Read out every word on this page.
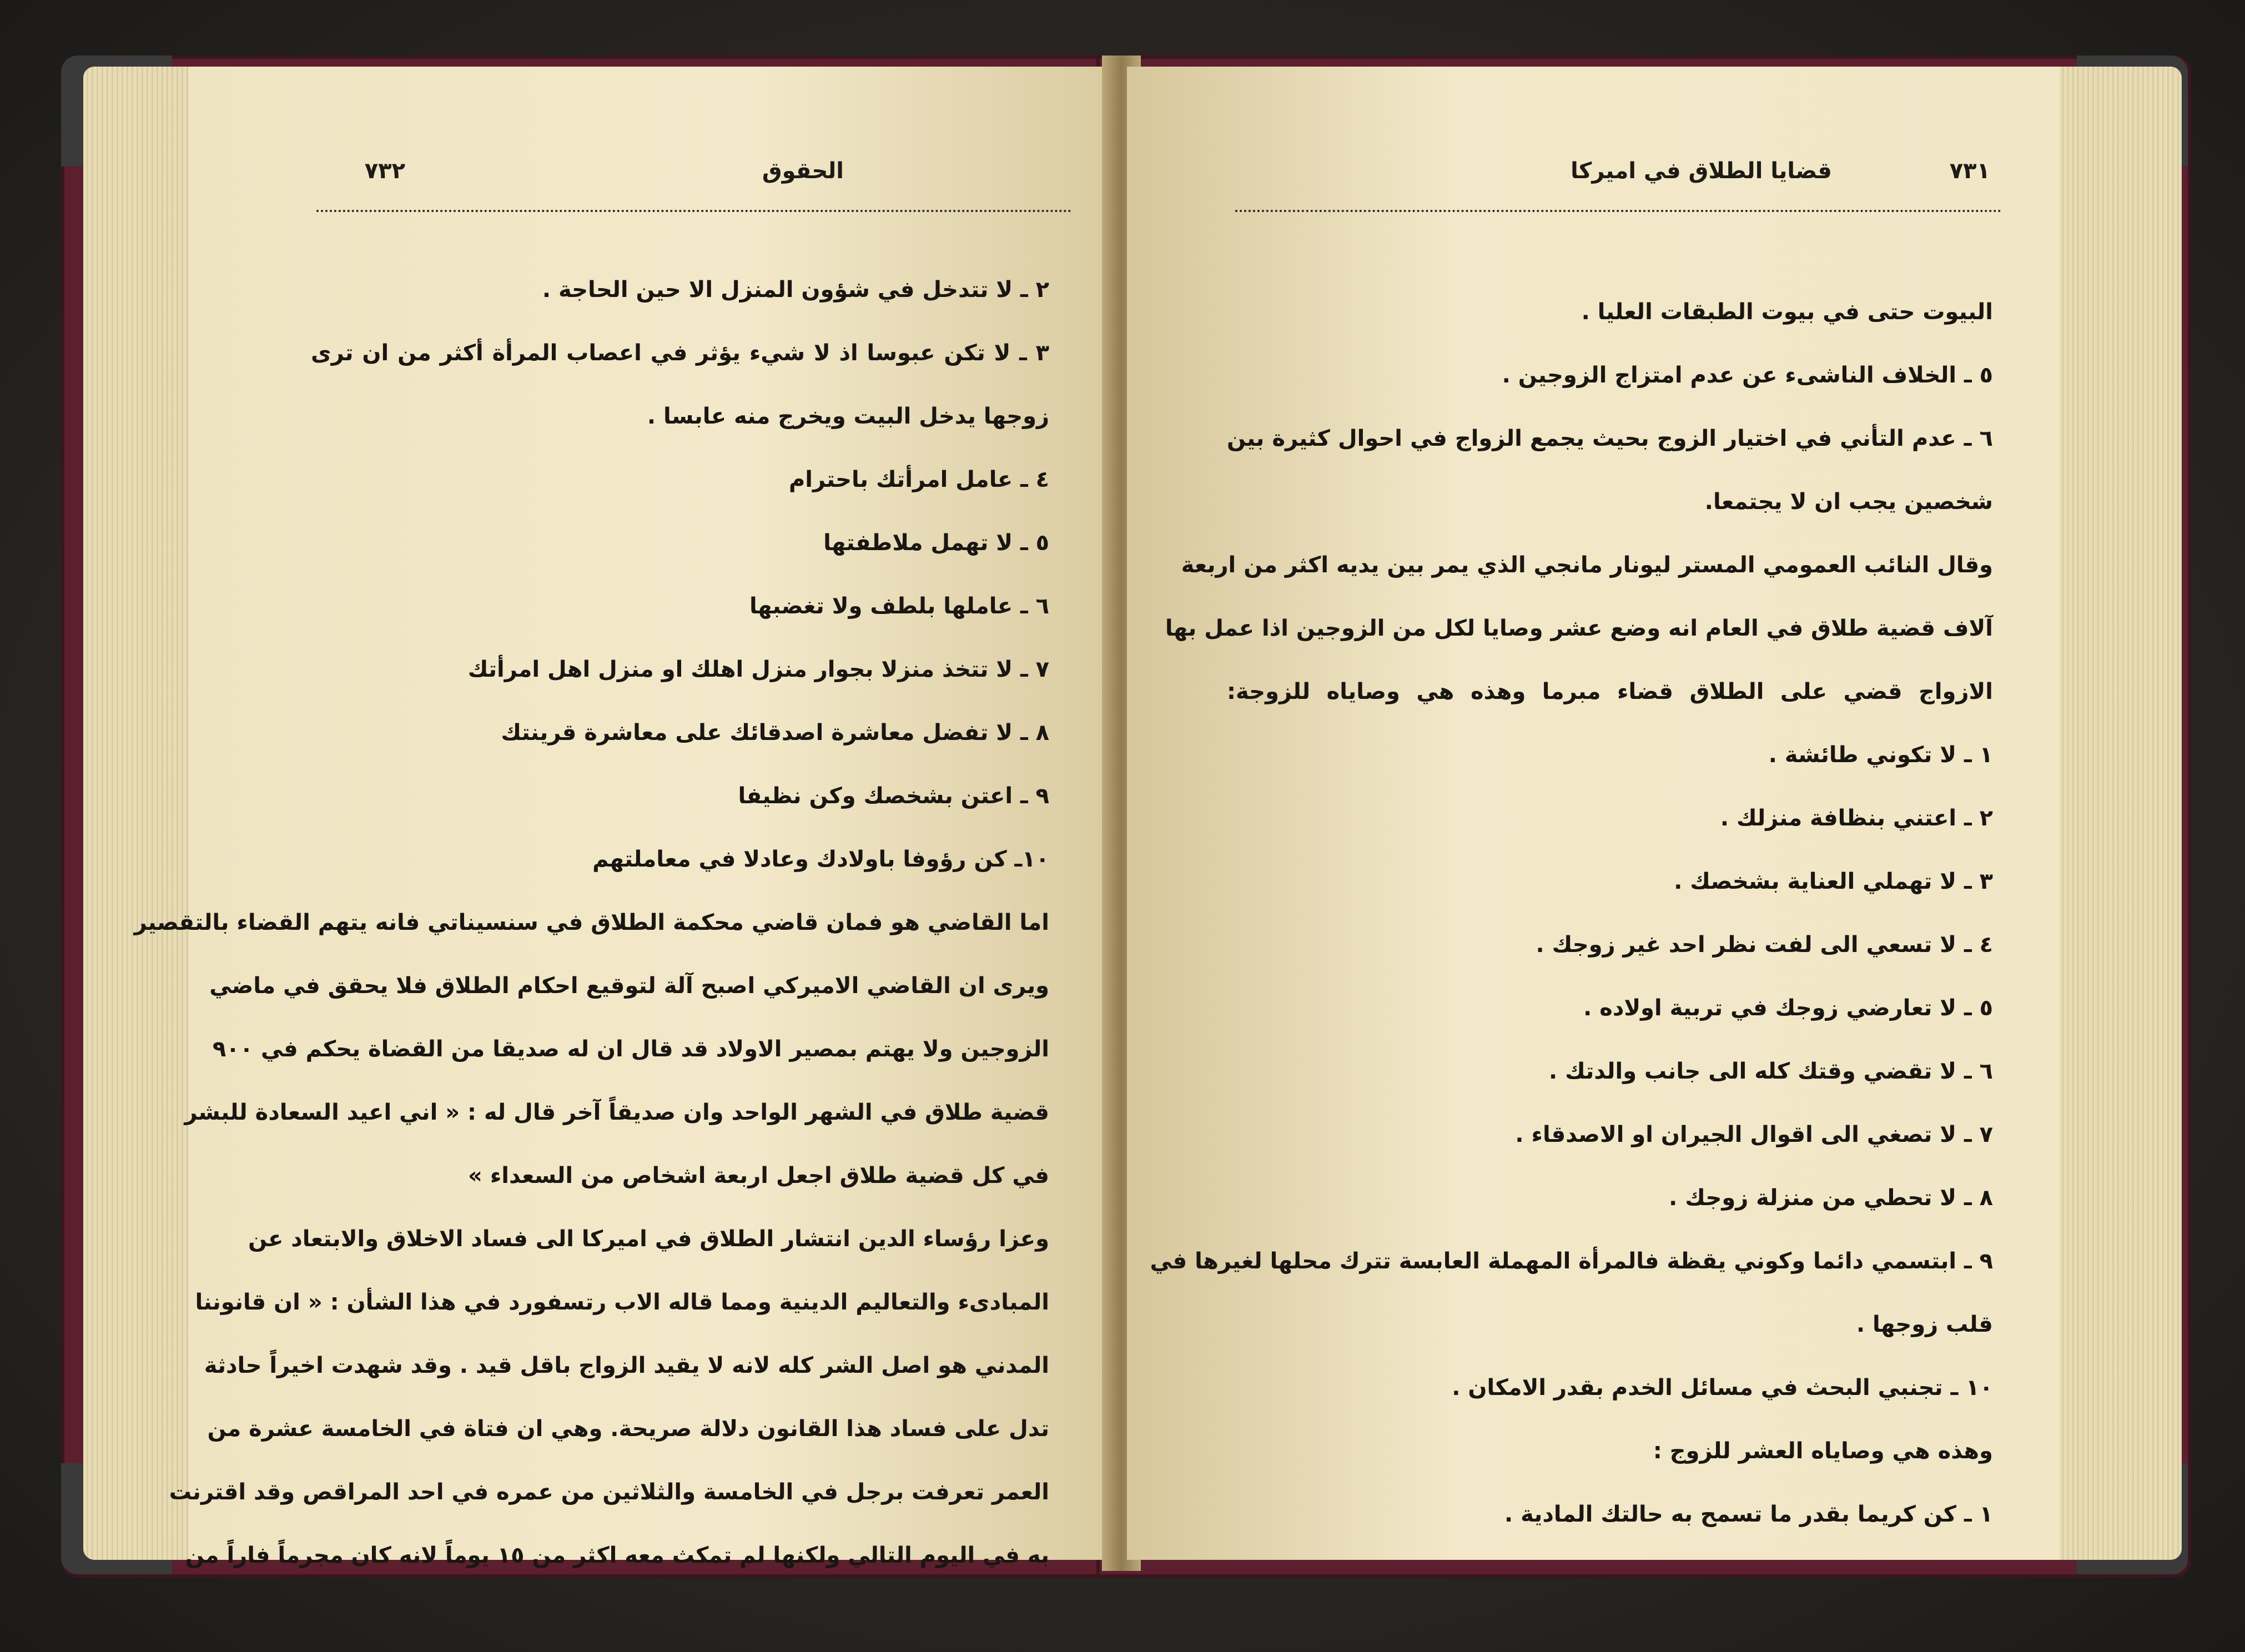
٧٣٢	الحقوق
٢ ـ لا تتدخل في شؤون المنزل الا حين الحاجة .
٣ ـ لا تكن عبوسا اذ لا شيء يؤثر في اعصاب المرأة أكثر من ان ترى
زوجها يدخل البيت ويخرج منه عابسا .
٤ ـ عامل امرأتك باحترام
٥ ـ لا تهمل ملاطفتها
٦ ـ عاملها بلطف ولا تغضبها
٧ ـ لا تتخذ منزلا بجوار منزل اهلك او منزل اهل امرأتك
٨ ـ لا تفضل معاشرة اصدقائك على معاشرة قرينتك
٩ ـ اعتن بشخصك وكن نظيفا
١٠ـ كن رؤوفا باولادك وعادلا في معاملتهم
اما القاضي هو فمان قاضي محكمة الطلاق في سنسيناتي فانه يتهم القضاء بالتقصير
ويرى ان القاضي الاميركي اصبح آلة لتوقيع احكام الطلاق فلا يحقق في ماضي
الزوجين ولا يهتم بمصير الاولاد قد قال ان له صديقا من القضاة يحكم في ٩٠٠
قضية طلاق في الشهر الواحد وان صديقاً آخر قال له : « اني اعيد السعادة للبشر
في كل قضية طلاق اجعل اربعة اشخاص من السعداء »
وعزا رؤساء الدين انتشار الطلاق في اميركا الى فساد الاخلاق والابتعاد عن
المبادىء والتعاليم الدينية ومما قاله الاب رتسفورد في هذا الشأن : « ان قانوننا
المدني هو اصل الشر كله لانه لا يقيد الزواج باقل قيد . وقد شهدت اخيراً حادثة
تدل على فساد هذا القانون دلالة صريحة. وهي ان فتاة في الخامسة عشرة من
العمر تعرفت برجل في الخامسة والثلاثين من عمره في احد المراقص وقد اقترنت
به في اليوم التالي ولكنها لم تمكث معه اكثر من ١٥ يوماً لانه كان مجرماً فاراً من
٧٣١
قضايا الطلاق في اميركا
البيوت حتى في بيوت الطبقات العليا .
٥ ـ الخلاف الناشىء عن عدم امتزاج الزوجين .
٦ ـ عدم التأني في اختيار الزوج بحيث يجمع الزواج في احوال كثيرة بين
شخصين يجب ان لا يجتمعا.
وقال النائب العمومي المستر ليونار مانجي الذي يمر بين يديه اكثر من اربعة
آلاف قضية طلاق في العام انه وضع عشر وصايا لكل من الزوجين اذا عمل بها
الازواج قضي على الطلاق قضاء مبرما وهذه هي وصاياه للزوجة:
١ ـ لا تكوني طائشة .
٢ ـ اعتني بنظافة منزلك .
٣ ـ لا تهملي العناية بشخصك .
٤ ـ لا تسعي الى لفت نظر احد غير زوجك .
٥ ـ لا تعارضي زوجك في تربية اولاده .
٦ ـ لا تقضي وقتك كله الى جانب والدتك .
٧ ـ لا تصغي الى اقوال الجيران او الاصدقاء .
٨ ـ لا تحطي من منزلة زوجك .
٩ ـ ابتسمي دائما وكوني يقظة فالمرأة المهملة العابسة تترك محلها لغيرها في
قلب زوجها .
١٠ ـ تجنبي البحث في مسائل الخدم بقدر الامكان .
وهذه هي وصاياه العشر للزوج :
١ ـ كن كريما بقدر ما تسمح به حالتك المادية .
